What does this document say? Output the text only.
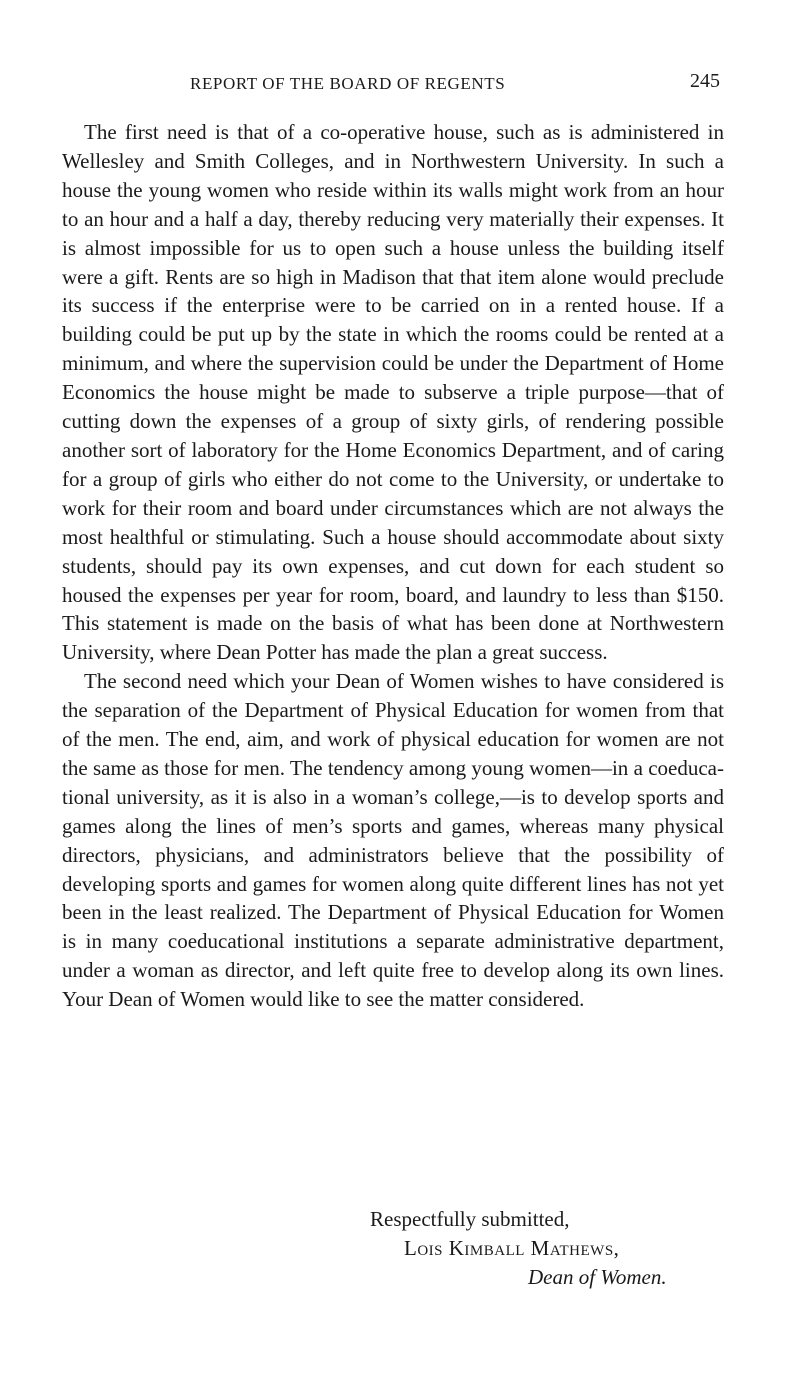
REPORT OF THE BOARD OF REGENTS	245

The first need is that of a co-operative house, such as is administered in Wellesley and Smith Colleges, and in Northwestern University. In such a house the young women who reside within its walls might work from an hour to an hour and a half a day, thereby reducing very materially their expenses. It is almost impossible for us to open such a house unless the building itself were a gift. Rents are so high in Madison that that item alone would preclude its success if the enterprise were to be carried on in a rented house. If a building could be put up by the state in which the rooms could be rented at a minimum, and where the supervision could be under the Department of Home Economics the house might be made to subserve a triple purpose—that of cutting down the expenses of a group of sixty girls, of rendering possible another sort of laboratory for the Home Economics Department, and of caring for a group of girls who either do not come to the University, or undertake to work for their room and board under circumstances which are not always the most healthful or stimulating. Such a house should accommodate about sixty students, should pay its own expenses, and cut down for each student so housed the expenses per year for room, board, and laundry to less than $150. This statement is made on the basis of what has been done at Northwestern University, where Dean Potter has made the plan a great success.

The second need which your Dean of Women wishes to have considered is the separation of the Department of Physical Education for women from that of the men. The end, aim, and work of physical education for women are not the same as those for men. The tendency among young women—in a coeducational university, as it is also in a woman’s college,—is to develop sports and games along the lines of men’s sports and games, whereas many physical directors, physicians, and administrators believe that the possibility of developing sports and games for women along quite different lines has not yet been in the least realized. The Department of Physical Education for Women is in many coeducational institutions a separate administrative department, under a woman as director, and left quite free to develop along its own lines. Your Dean of Women would like to see the matter considered.

Respectfully submitted,
Lois Kimball Mathews,
Dean of Women.
